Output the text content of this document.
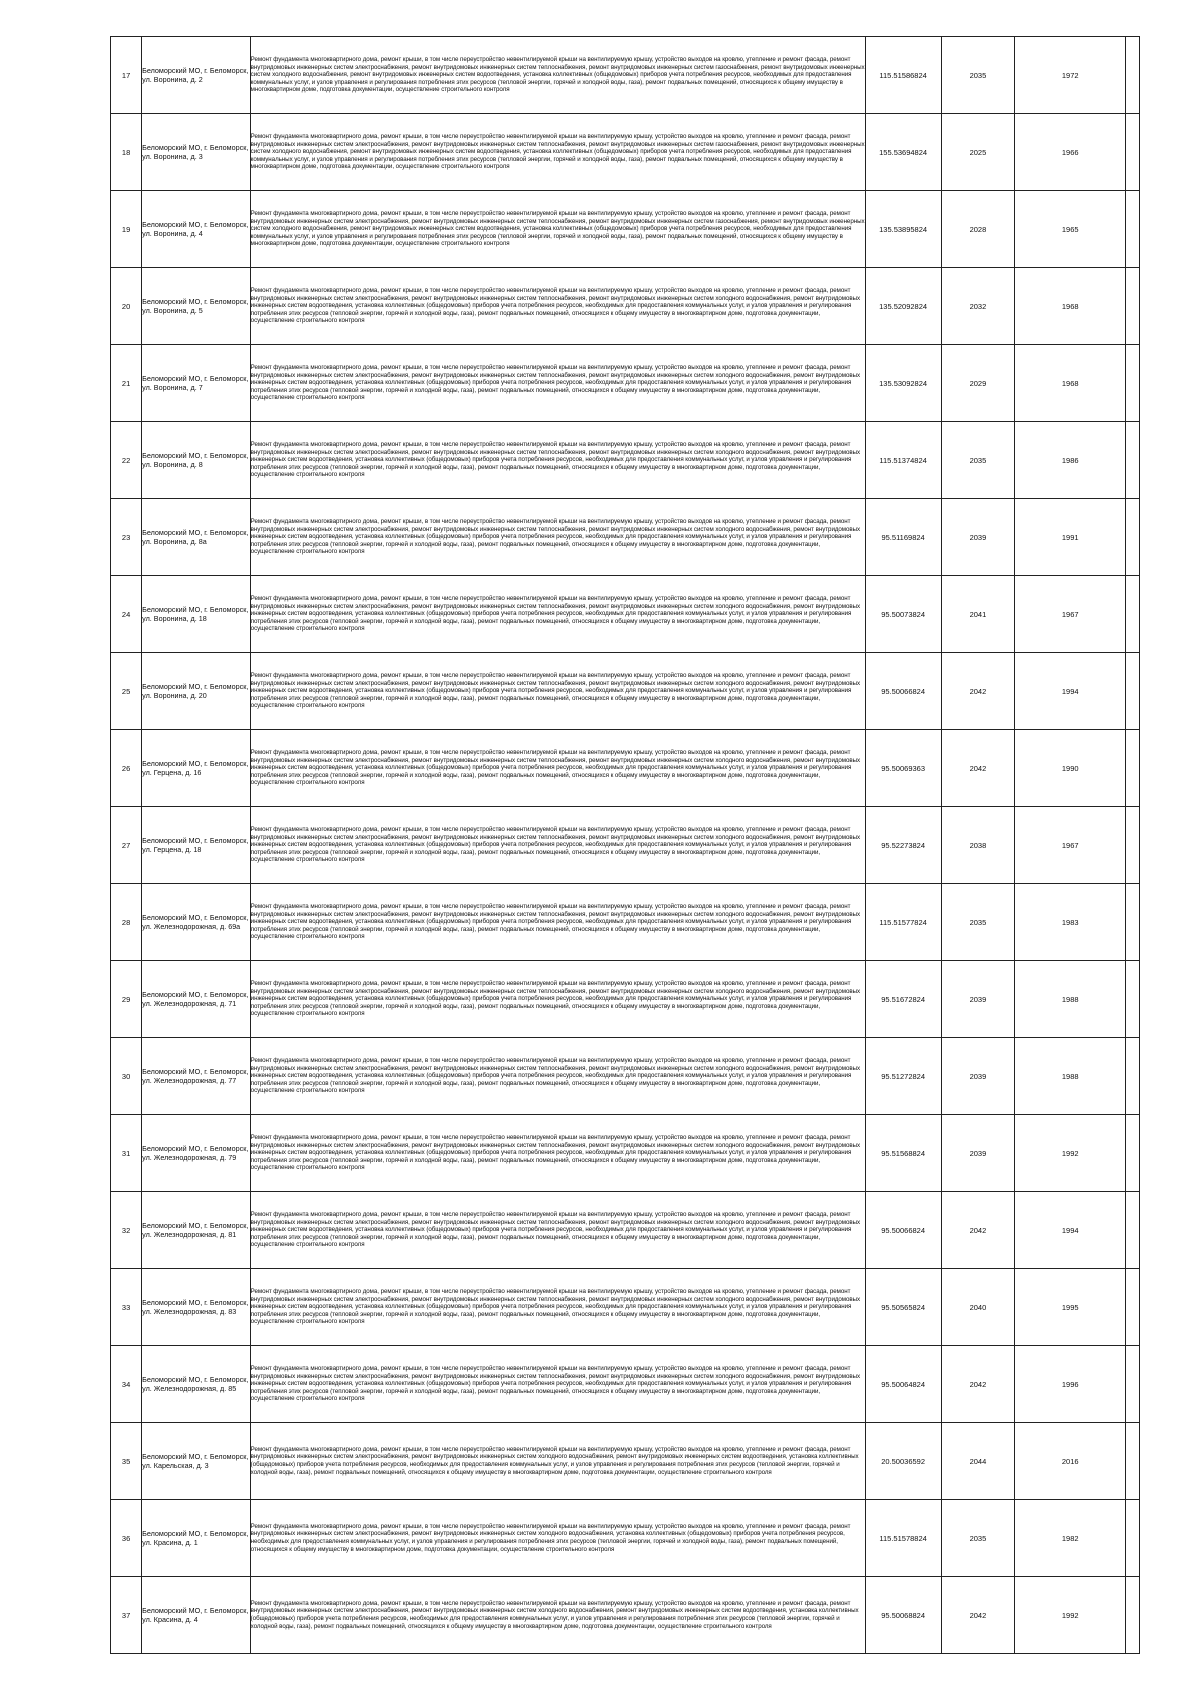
17	Беломорский МО, г. Беломорск, ул. Воронина, д. 2	Ремонт фундамента многоквартирного дома, ремонт крыши, в том числе переустройство невентилируемой крыши на вентилируемую крышу, устройство выходов на кровлю, утепление и ремонт фасада, ремонт внутридомовых инженерных систем электроснабжения, ремонт внутридомовых инженерных систем теплоснабжения, ремонт внутридомовых инженерных систем газоснабжения, ремонт внутридомовых инженерных систем холодного водоснабжения, ремонт внутридомовых инженерных систем водоотведения, установка коллективных (общедомовых) приборов учета потребления ресурсов, необходимых для предоставления коммунальных услуг, и узлов управления и регулирования потребления этих ресурсов (тепловой энергии, горячей и холодной воды, газа), ремонт подвальных помещений, относящихся к общему имуществу в многоквартирном доме, подготовка документации, осуществление строительного контроля	115.51586824	2035	1972	
18	Беломорский МО, г. Беломорск, ул. Воронина, д. 3	Ремонт фундамента многоквартирного дома, ремонт крыши, в том числе переустройство невентилируемой крыши на вентилируемую крышу, устройство выходов на кровлю, утепление и ремонт фасада, ремонт внутридомовых инженерных систем электроснабжения, ремонт внутридомовых инженерных систем теплоснабжения, ремонт внутридомовых инженерных систем газоснабжения, ремонт внутридомовых инженерных систем холодного водоснабжения, ремонт внутридомовых инженерных систем водоотведения, установка коллективных (общедомовых) приборов учета потребления ресурсов, необходимых для предоставления коммунальных услуг, и узлов управления и регулирования потребления этих ресурсов (тепловой энергии, горячей и холодной воды, газа), ремонт подвальных помещений, относящихся к общему имуществу в многоквартирном доме, подготовка документации, осуществление строительного контроля	155.53694824	2025	1966	
19	Беломорский МО, г. Беломорск, ул. Воронина, д. 4	Ремонт фундамента многоквартирного дома, ремонт крыши, в том числе переустройство невентилируемой крыши на вентилируемую крышу, устройство выходов на кровлю, утепление и ремонт фасада, ремонт внутридомовых инженерных систем электроснабжения, ремонт внутридомовых инженерных систем теплоснабжения, ремонт внутридомовых инженерных систем газоснабжения, ремонт внутридомовых инженерных систем холодного водоснабжения, ремонт внутридомовых инженерных систем водоотведения, установка коллективных (общедомовых) приборов учета потребления ресурсов, необходимых для предоставления коммунальных услуг, и узлов управления и регулирования потребления этих ресурсов (тепловой энергии, горячей и холодной воды, газа), ремонт подвальных помещений, относящихся к общему имуществу в многоквартирном доме, подготовка документации, осуществление строительного контроля	135.53895824	2028	1965	
20	Беломорский МО, г. Беломорск, ул. Воронина, д. 5	Ремонт фундамента многоквартирного дома, ремонт крыши, в том числе переустройство невентилируемой крыши на вентилируемую крышу, устройство выходов на кровлю, утепление и ремонт фасада, ремонт внутридомовых инженерных систем электроснабжения, ремонт внутридомовых инженерных систем теплоснабжения, ремонт внутридомовых инженерных систем холодного водоснабжения, ремонт внутридомовых инженерных систем водоотведения, установка коллективных (общедомовых) приборов учета потребления ресурсов, необходимых для предоставления коммунальных услуг, и узлов управления и регулирования потребления этих ресурсов (тепловой энергии, горячей и холодной воды, газа), ремонт подвальных помещений, относящихся к общему имуществу в многоквартирном доме, подготовка документации, осуществление строительного контроля	135.52092824	2032	1968	
21	Беломорский МО, г. Беломорск, ул. Воронина, д. 7	Ремонт фундамента многоквартирного дома, ремонт крыши, в том числе переустройство невентилируемой крыши на вентилируемую крышу, устройство выходов на кровлю, утепление и ремонт фасада, ремонт внутридомовых инженерных систем электроснабжения, ремонт внутридомовых инженерных систем теплоснабжения, ремонт внутридомовых инженерных систем холодного водоснабжения, ремонт внутридомовых инженерных систем водоотведения, установка коллективных (общедомовых) приборов учета потребления ресурсов, необходимых для предоставления коммунальных услуг, и узлов управления и регулирования потребления этих ресурсов (тепловой энергии, горячей и холодной воды, газа), ремонт подвальных помещений, относящихся к общему имуществу в многоквартирном доме, подготовка документации, осуществление строительного контроля	135.53092824	2029	1968	
22	Беломорский МО, г. Беломорск, ул. Воронина, д. 8	Ремонт фундамента многоквартирного дома, ремонт крыши, в том числе переустройство невентилируемой крыши на вентилируемую крышу, устройство выходов на кровлю, утепление и ремонт фасада, ремонт внутридомовых инженерных систем электроснабжения, ремонт внутридомовых инженерных систем теплоснабжения, ремонт внутридомовых инженерных систем холодного водоснабжения, ремонт внутридомовых инженерных систем водоотведения, установка коллективных (общедомовых) приборов учета потребления ресурсов, необходимых для предоставления коммунальных услуг, и узлов управления и регулирования потребления этих ресурсов (тепловой энергии, горячей и холодной воды, газа), ремонт подвальных помещений, относящихся к общему имуществу в многоквартирном доме, подготовка документации, осуществление строительного контроля	115.51374824	2035	1986	
23	Беломорский МО, г. Беломорск, ул. Воронина, д. 8а	Ремонт фундамента многоквартирного дома, ремонт крыши, в том числе переустройство невентилируемой крыши на вентилируемую крышу, устройство выходов на кровлю, утепление и ремонт фасада, ремонт внутридомовых инженерных систем электроснабжения, ремонт внутридомовых инженерных систем теплоснабжения, ремонт внутридомовых инженерных систем холодного водоснабжения, ремонт внутридомовых инженерных систем водоотведения, установка коллективных (общедомовых) приборов учета потребления ресурсов, необходимых для предоставления коммунальных услуг, и узлов управления и регулирования потребления этих ресурсов (тепловой энергии, горячей и холодной воды, газа), ремонт подвальных помещений, относящихся к общему имуществу в многоквартирном доме, подготовка документации, осуществление строительного контроля	95.51169824	2039	1991	
24	Беломорский МО, г. Беломорск, ул. Воронина, д. 18	Ремонт фундамента многоквартирного дома, ремонт крыши, в том числе переустройство невентилируемой крыши на вентилируемую крышу, устройство выходов на кровлю, утепление и ремонт фасада, ремонт внутридомовых инженерных систем электроснабжения, ремонт внутридомовых инженерных систем теплоснабжения, ремонт внутридомовых инженерных систем холодного водоснабжения, ремонт внутридомовых инженерных систем водоотведения, установка коллективных (общедомовых) приборов учета потребления ресурсов, необходимых для предоставления коммунальных услуг, и узлов управления и регулирования потребления этих ресурсов (тепловой энергии, горячей и холодной воды, газа), ремонт подвальных помещений, относящихся к общему имуществу в многоквартирном доме, подготовка документации, осуществление строительного контроля	95.50073824	2041	1967	
25	Беломорский МО, г. Беломорск, ул. Воронина, д. 20	Ремонт фундамента многоквартирного дома, ремонт крыши, в том числе переустройство невентилируемой крыши на вентилируемую крышу, устройство выходов на кровлю, утепление и ремонт фасада, ремонт внутридомовых инженерных систем электроснабжения, ремонт внутридомовых инженерных систем теплоснабжения, ремонт внутридомовых инженерных систем холодного водоснабжения, ремонт внутридомовых инженерных систем водоотведения, установка коллективных (общедомовых) приборов учета потребления ресурсов, необходимых для предоставления коммунальных услуг, и узлов управления и регулирования потребления этих ресурсов (тепловой энергии, горячей и холодной воды, газа), ремонт подвальных помещений, относящихся к общему имуществу в многоквартирном доме, подготовка документации, осуществление строительного контроля	95.50066824	2042	1994	
26	Беломорский МО, г. Беломорск, ул. Герцена, д. 16	Ремонт фундамента многоквартирного дома, ремонт крыши, в том числе переустройство невентилируемой крыши на вентилируемую крышу, устройство выходов на кровлю, утепление и ремонт фасада, ремонт внутридомовых инженерных систем электроснабжения, ремонт внутридомовых инженерных систем теплоснабжения, ремонт внутридомовых инженерных систем холодного водоснабжения, ремонт внутридомовых инженерных систем водоотведения, установка коллективных (общедомовых) приборов учета потребления ресурсов, необходимых для предоставления коммунальных услуг, и узлов управления и регулирования потребления этих ресурсов (тепловой энергии, горячей и холодной воды, газа), ремонт подвальных помещений, относящихся к общему имуществу в многоквартирном доме, подготовка документации, осуществление строительного контроля	95.50069363	2042	1990	
27	Беломорский МО, г. Беломорск, ул. Герцена, д. 18	Ремонт фундамента многоквартирного дома, ремонт крыши, в том числе переустройство невентилируемой крыши на вентилируемую крышу, устройство выходов на кровлю, утепление и ремонт фасада, ремонт внутридомовых инженерных систем электроснабжения, ремонт внутридомовых инженерных систем теплоснабжения, ремонт внутридомовых инженерных систем холодного водоснабжения, ремонт внутридомовых инженерных систем водоотведения, установка коллективных (общедомовых) приборов учета потребления ресурсов, необходимых для предоставления коммунальных услуг, и узлов управления и регулирования потребления этих ресурсов (тепловой энергии, горячей и холодной воды, газа), ремонт подвальных помещений, относящихся к общему имуществу в многоквартирном доме, подготовка документации, осуществление строительного контроля	95.52273824	2038	1967	
28	Беломорский МО, г. Беломорск, ул. Железнодорожная, д. 69а	Ремонт фундамента многоквартирного дома, ремонт крыши, в том числе переустройство невентилируемой крыши на вентилируемую крышу, устройство выходов на кровлю, утепление и ремонт фасада, ремонт внутридомовых инженерных систем электроснабжения, ремонт внутридомовых инженерных систем теплоснабжения, ремонт внутридомовых инженерных систем холодного водоснабжения, ремонт внутридомовых инженерных систем водоотведения, установка коллективных (общедомовых) приборов учета потребления ресурсов, необходимых для предоставления коммунальных услуг, и узлов управления и регулирования потребления этих ресурсов (тепловой энергии, горячей и холодной воды, газа), ремонт подвальных помещений, относящихся к общему имуществу в многоквартирном доме, подготовка документации, осуществление строительного контроля	115.51577824	2035	1983	
29	Беломорский МО, г. Беломорск, ул. Железнодорожная, д. 71	Ремонт фундамента многоквартирного дома, ремонт крыши, в том числе переустройство невентилируемой крыши на вентилируемую крышу, устройство выходов на кровлю, утепление и ремонт фасада, ремонт внутридомовых инженерных систем электроснабжения, ремонт внутридомовых инженерных систем теплоснабжения, ремонт внутридомовых инженерных систем холодного водоснабжения, ремонт внутридомовых инженерных систем водоотведения, установка коллективных (общедомовых) приборов учета потребления ресурсов, необходимых для предоставления коммунальных услуг, и узлов управления и регулирования потребления этих ресурсов (тепловой энергии, горячей и холодной воды, газа), ремонт подвальных помещений, относящихся к общему имуществу в многоквартирном доме, подготовка документации, осуществление строительного контроля	95.51672824	2039	1988	
30	Беломорский МО, г. Беломорск, ул. Железнодорожная, д. 77	Ремонт фундамента многоквартирного дома, ремонт крыши, в том числе переустройство невентилируемой крыши на вентилируемую крышу, устройство выходов на кровлю, утепление и ремонт фасада, ремонт внутридомовых инженерных систем электроснабжения, ремонт внутридомовых инженерных систем теплоснабжения, ремонт внутридомовых инженерных систем холодного водоснабжения, ремонт внутридомовых инженерных систем водоотведения, установка коллективных (общедомовых) приборов учета потребления ресурсов, необходимых для предоставления коммунальных услуг, и узлов управления и регулирования потребления этих ресурсов (тепловой энергии, горячей и холодной воды, газа), ремонт подвальных помещений, относящихся к общему имуществу в многоквартирном доме, подготовка документации, осуществление строительного контроля	95.51272824	2039	1988	
31	Беломорский МО, г. Беломорск, ул. Железнодорожная, д. 79	Ремонт фундамента многоквартирного дома, ремонт крыши, в том числе переустройство невентилируемой крыши на вентилируемую крышу, устройство выходов на кровлю, утепление и ремонт фасада, ремонт внутридомовых инженерных систем электроснабжения, ремонт внутридомовых инженерных систем теплоснабжения, ремонт внутридомовых инженерных систем холодного водоснабжения, ремонт внутридомовых инженерных систем водоотведения, установка коллективных (общедомовых) приборов учета потребления ресурсов, необходимых для предоставления коммунальных услуг, и узлов управления и регулирования потребления этих ресурсов (тепловой энергии, горячей и холодной воды, газа), ремонт подвальных помещений, относящихся к общему имуществу в многоквартирном доме, подготовка документации, осуществление строительного контроля	95.51568824	2039	1992	
32	Беломорский МО, г. Беломорск, ул. Железнодорожная, д. 81	Ремонт фундамента многоквартирного дома, ремонт крыши, в том числе переустройство невентилируемой крыши на вентилируемую крышу, устройство выходов на кровлю, утепление и ремонт фасада, ремонт внутридомовых инженерных систем электроснабжения, ремонт внутридомовых инженерных систем теплоснабжения, ремонт внутридомовых инженерных систем холодного водоснабжения, ремонт внутридомовых инженерных систем водоотведения, установка коллективных (общедомовых) приборов учета потребления ресурсов, необходимых для предоставления коммунальных услуг, и узлов управления и регулирования потребления этих ресурсов (тепловой энергии, горячей и холодной воды, газа), ремонт подвальных помещений, относящихся к общему имуществу в многоквартирном доме, подготовка документации, осуществление строительного контроля	95.50066824	2042	1994	
33	Беломорский МО, г. Беломорск, ул. Железнодорожная, д. 83	Ремонт фундамента многоквартирного дома, ремонт крыши, в том числе переустройство невентилируемой крыши на вентилируемую крышу, устройство выходов на кровлю, утепление и ремонт фасада, ремонт внутридомовых инженерных систем электроснабжения, ремонт внутридомовых инженерных систем теплоснабжения, ремонт внутридомовых инженерных систем холодного водоснабжения, ремонт внутридомовых инженерных систем водоотведения, установка коллективных (общедомовых) приборов учета потребления ресурсов, необходимых для предоставления коммунальных услуг, и узлов управления и регулирования потребления этих ресурсов (тепловой энергии, горячей и холодной воды, газа), ремонт подвальных помещений, относящихся к общему имуществу в многоквартирном доме, подготовка документации, осуществление строительного контроля	95.50565824	2040	1995	
34	Беломорский МО, г. Беломорск, ул. Железнодорожная, д. 85	Ремонт фундамента многоквартирного дома, ремонт крыши, в том числе переустройство невентилируемой крыши на вентилируемую крышу, устройство выходов на кровлю, утепление и ремонт фасада, ремонт внутридомовых инженерных систем электроснабжения, ремонт внутридомовых инженерных систем теплоснабжения, ремонт внутридомовых инженерных систем холодного водоснабжения, ремонт внутридомовых инженерных систем водоотведения, установка коллективных (общедомовых) приборов учета потребления ресурсов, необходимых для предоставления коммунальных услуг, и узлов управления и регулирования потребления этих ресурсов (тепловой энергии, горячей и холодной воды, газа), ремонт подвальных помещений, относящихся к общему имуществу в многоквартирном доме, подготовка документации, осуществление строительного контроля	95.50064824	2042	1996	
35	Беломорский МО, г. Беломорск, ул. Карельская, д. 3	Ремонт фундамента многоквартирного дома, ремонт крыши, в том числе переустройство невентилируемой крыши на вентилируемую крышу, устройство выходов на кровлю, утепление и ремонт фасада, ремонт внутридомовых инженерных систем электроснабжения, ремонт внутридомовых инженерных систем холодного водоснабжения, ремонт внутридомовых инженерных систем водоотведения, установка коллективных (общедомовых) приборов учета потребления ресурсов, необходимых для предоставления коммунальных услуг, и узлов управления и регулирования потребления этих ресурсов (тепловой энергии, горячей и холодной воды, газа), ремонт подвальных помещений, относящихся к общему имуществу в многоквартирном доме, подготовка документации, осуществление строительного контроля	20.50036592	2044	2016	
36	Беломорский МО, г. Беломорск, ул. Красина, д. 1	Ремонт фундамента многоквартирного дома, ремонт крыши, в том числе переустройство невентилируемой крыши на вентилируемую крышу, устройство выходов на кровлю, утепление и ремонт фасада, ремонт внутридомовых инженерных систем электроснабжения, ремонт внутридомовых инженерных систем холодного водоснабжения, установка коллективных (общедомовых) приборов учета потребления ресурсов, необходимых для предоставления коммунальных услуг, и узлов управления и регулирования потребления этих ресурсов (тепловой энергии, горячей и холодной воды, газа), ремонт подвальных помещений, относящихся к общему имуществу в многоквартирном доме, подготовка документации, осуществление строительного контроля	115.51578824	2035	1982	
37	Беломорский МО, г. Беломорск, ул. Красина, д. 4	Ремонт фундамента многоквартирного дома, ремонт крыши, в том числе переустройство невентилируемой крыши на вентилируемую крышу, устройство выходов на кровлю, утепление и ремонт фасада, ремонт внутридомовых инженерных систем электроснабжения, ремонт внутридомовых инженерных систем холодного водоснабжения, ремонт внутридомовых инженерных систем водоотведения, установка коллективных (общедомовых) приборов учета потребления ресурсов, необходимых для предоставления коммунальных услуг, и узлов управления и регулирования потребления этих ресурсов (тепловой энергии, горячей и холодной воды, газа), ремонт подвальных помещений, относящихся к общему имуществу в многоквартирном доме, подготовка документации, осуществление строительного контроля	95.50068824	2042	1992	
